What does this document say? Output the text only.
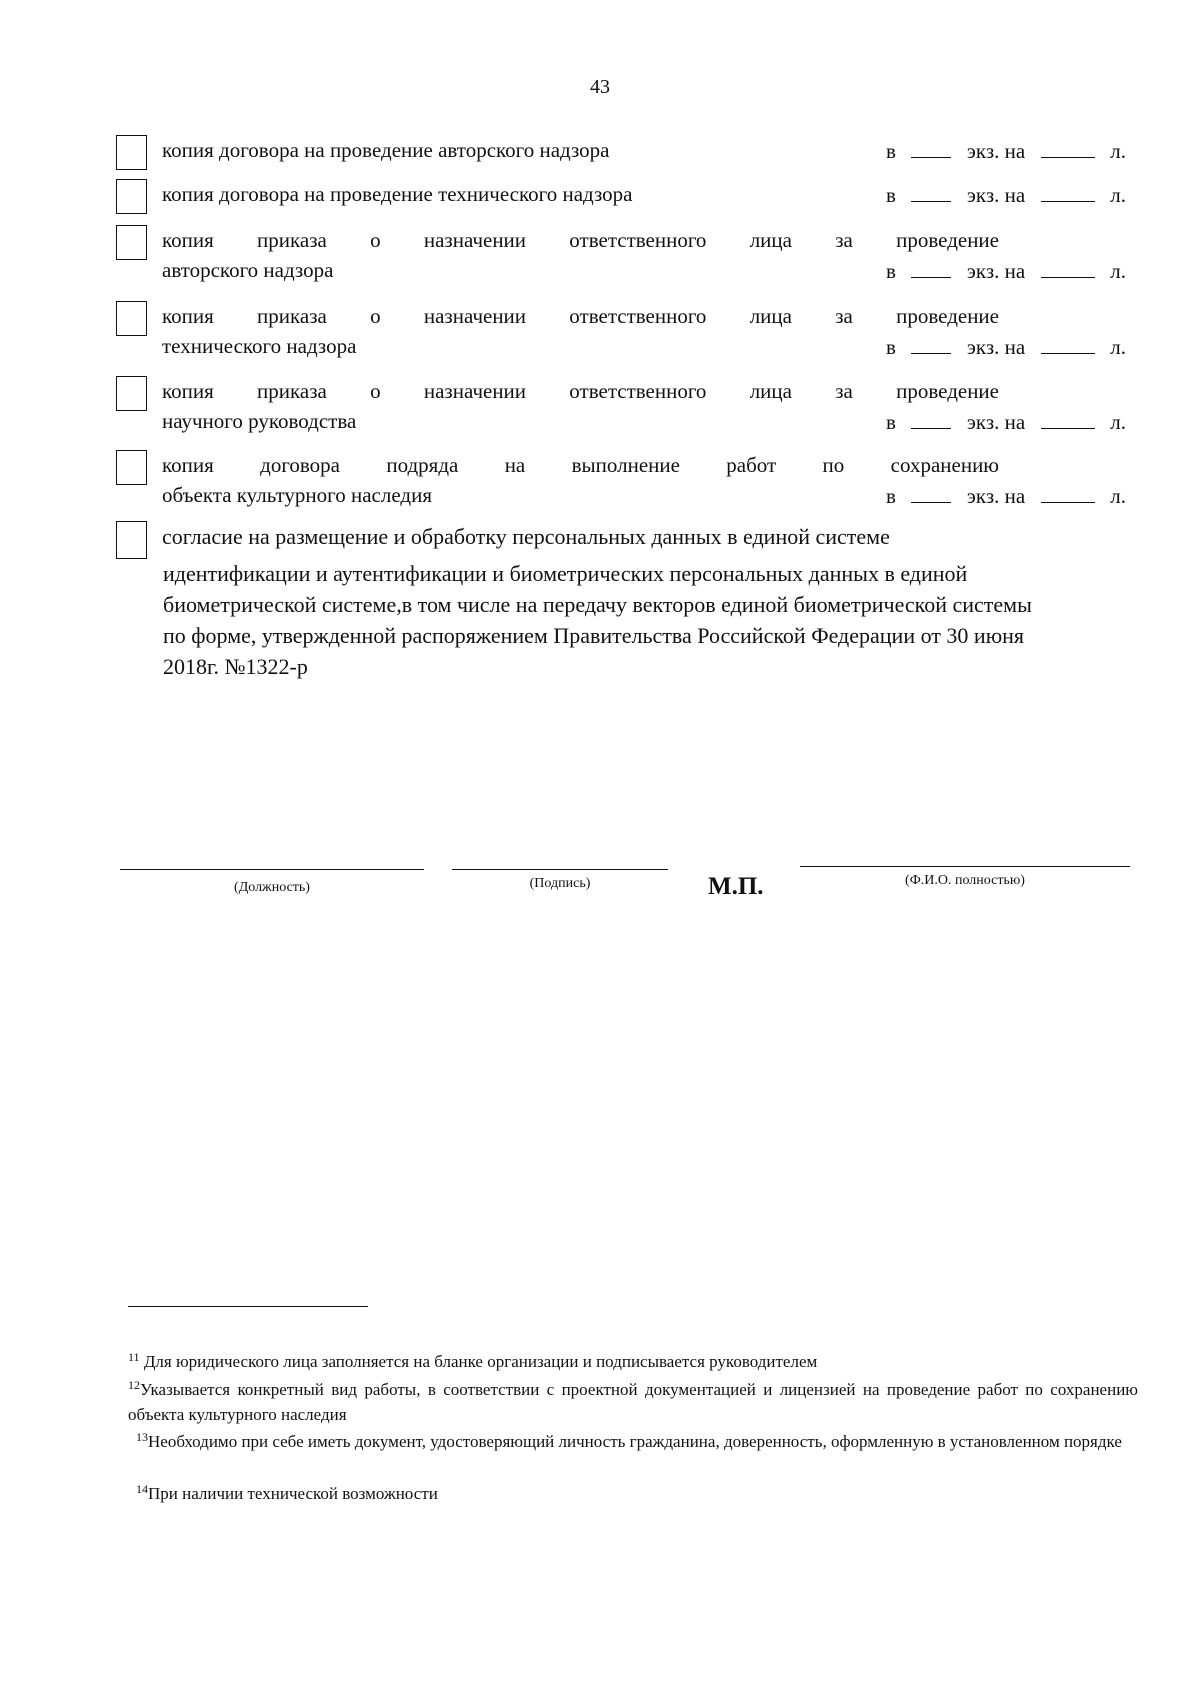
43
копия договора на проведение авторского надзора	в	экз. на	л.
копия договора на проведение технического надзора	в	экз. на	л.
копия приказа о назначении ответственного лица за проведение
авторского надзора	в	экз. на	л.
копия приказа о назначении ответственного лица за проведение
технического надзора	в	экз. на	л.
копия приказа о назначении ответственного лица за проведение
научного руководства	в	экз. на	л.
копия договора подряда на выполнение работ по сохранению
объекта культурного наследия	в	экз. на	л.
согласие на размещение и обработку персональных данных в единой системе
идентификации и аутентификации и биометрических персональных данных в единой
биометрической системе,в том числе на передачу векторов единой биометрической системы
по форме, утвержденной распоряжением Правительства Российской Федерации от 30 июня
2018г. №1322-р
(Должность)	(Подпись)	М.П.	(Ф.И.О. полностью)
$^{11}$ Для юридического лица заполняется на бланке организации и подписывается руководителем
$^{12}$Указывается конкретный вид работы, в соответствии с проектной документацией и лицензией на проведение работ по сохранению объекта культурного наследия
$^{13}$Необходимо при себе иметь документ, удостоверяющий личность гражданина, доверенность, оформленную в установленном порядке
$^{14}$При наличии технической возможности
